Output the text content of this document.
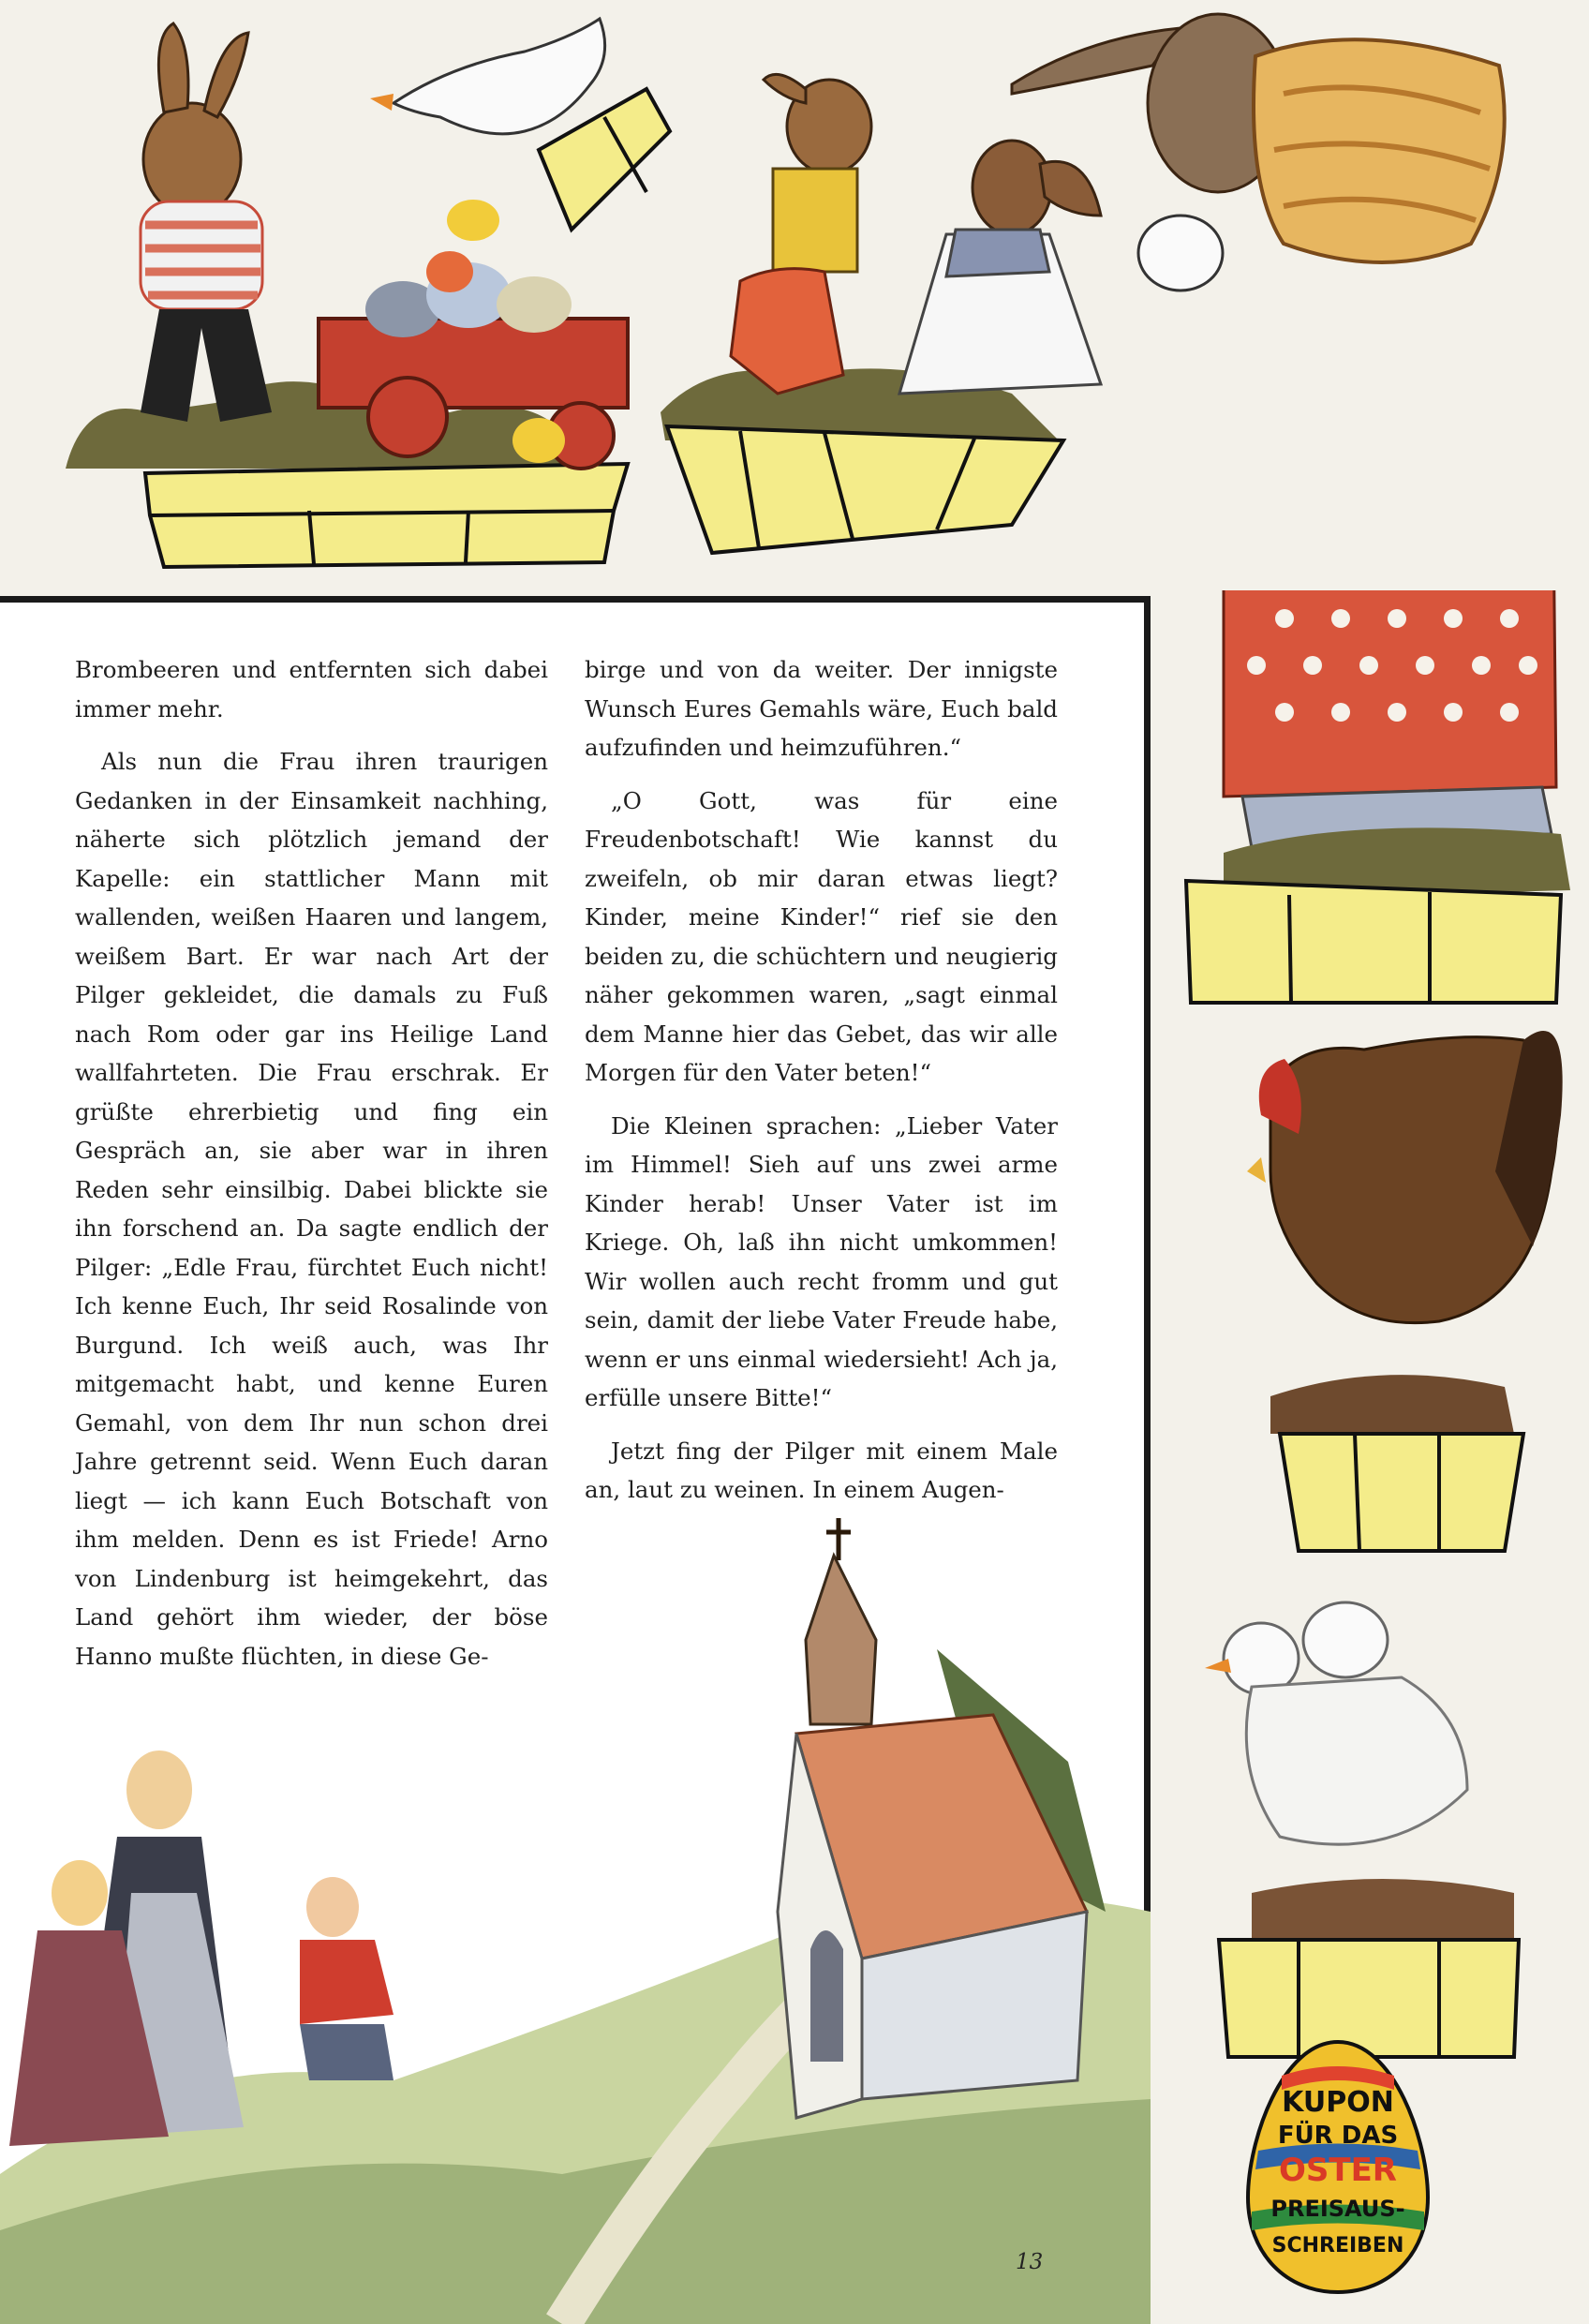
Brombeeren und entfernten sich dabei immer mehr.

Als nun die Frau ihren traurigen Gedanken in der Einsamkeit nachhing, näherte sich plötzlich jemand der Kapelle: ein stattlicher Mann mit wallenden, weißen Haaren und langem, weißem Bart. Er war nach Art der Pilger gekleidet, die damals zu Fuß nach Rom oder gar ins Heilige Land wallfahrteten. Die Frau erschrak. Er grüßte ehrerbietig und fing ein Gespräch an, sie aber war in ihren Reden sehr einsilbig. Dabei blickte sie ihn forschend an. Da sagte endlich der Pilger: „Edle Frau, fürchtet Euch nicht! Ich kenne Euch, Ihr seid Rosalinde von Burgund. Ich weiß auch, was Ihr mitgemacht habt, und kenne Euren Gemahl, von dem Ihr nun schon drei Jahre getrennt seid. Wenn Euch daran liegt — ich kann Euch Botschaft von ihm melden. Denn es ist Friede! Arno von Lindenburg ist heimgekehrt, das Land gehört ihm wieder, der böse Hanno mußte flüchten, in diese Ge-

birge und von da weiter. Der innigste Wunsch Eures Gemahls wäre, Euch bald aufzufinden und heimzuführen.“

„O Gott, was für eine Freudenbotschaft! Wie kannst du zweifeln, ob mir daran etwas liegt? Kinder, meine Kinder!“ rief sie den beiden zu, die schüchtern und neugierig näher gekommen waren, „sagt einmal dem Manne hier das Gebet, das wir alle Morgen für den Vater beten!“

Die Kleinen sprachen: „Lieber Vater im Himmel! Sieh auf uns zwei arme Kinder herab! Unser Vater ist im Kriege. Oh, laß ihn nicht umkommen! Wir wollen auch recht fromm und gut sein, damit der liebe Vater Freude habe, wenn er uns einmal wiedersieht! Ach ja, erfülle unsere Bitte!“

Jetzt fing der Pilger mit einem Male an, laut zu weinen. In einem Augen-

KUPON
FÜR DAS
OSTER
PREISAUS-
SCHREIBEN
13
